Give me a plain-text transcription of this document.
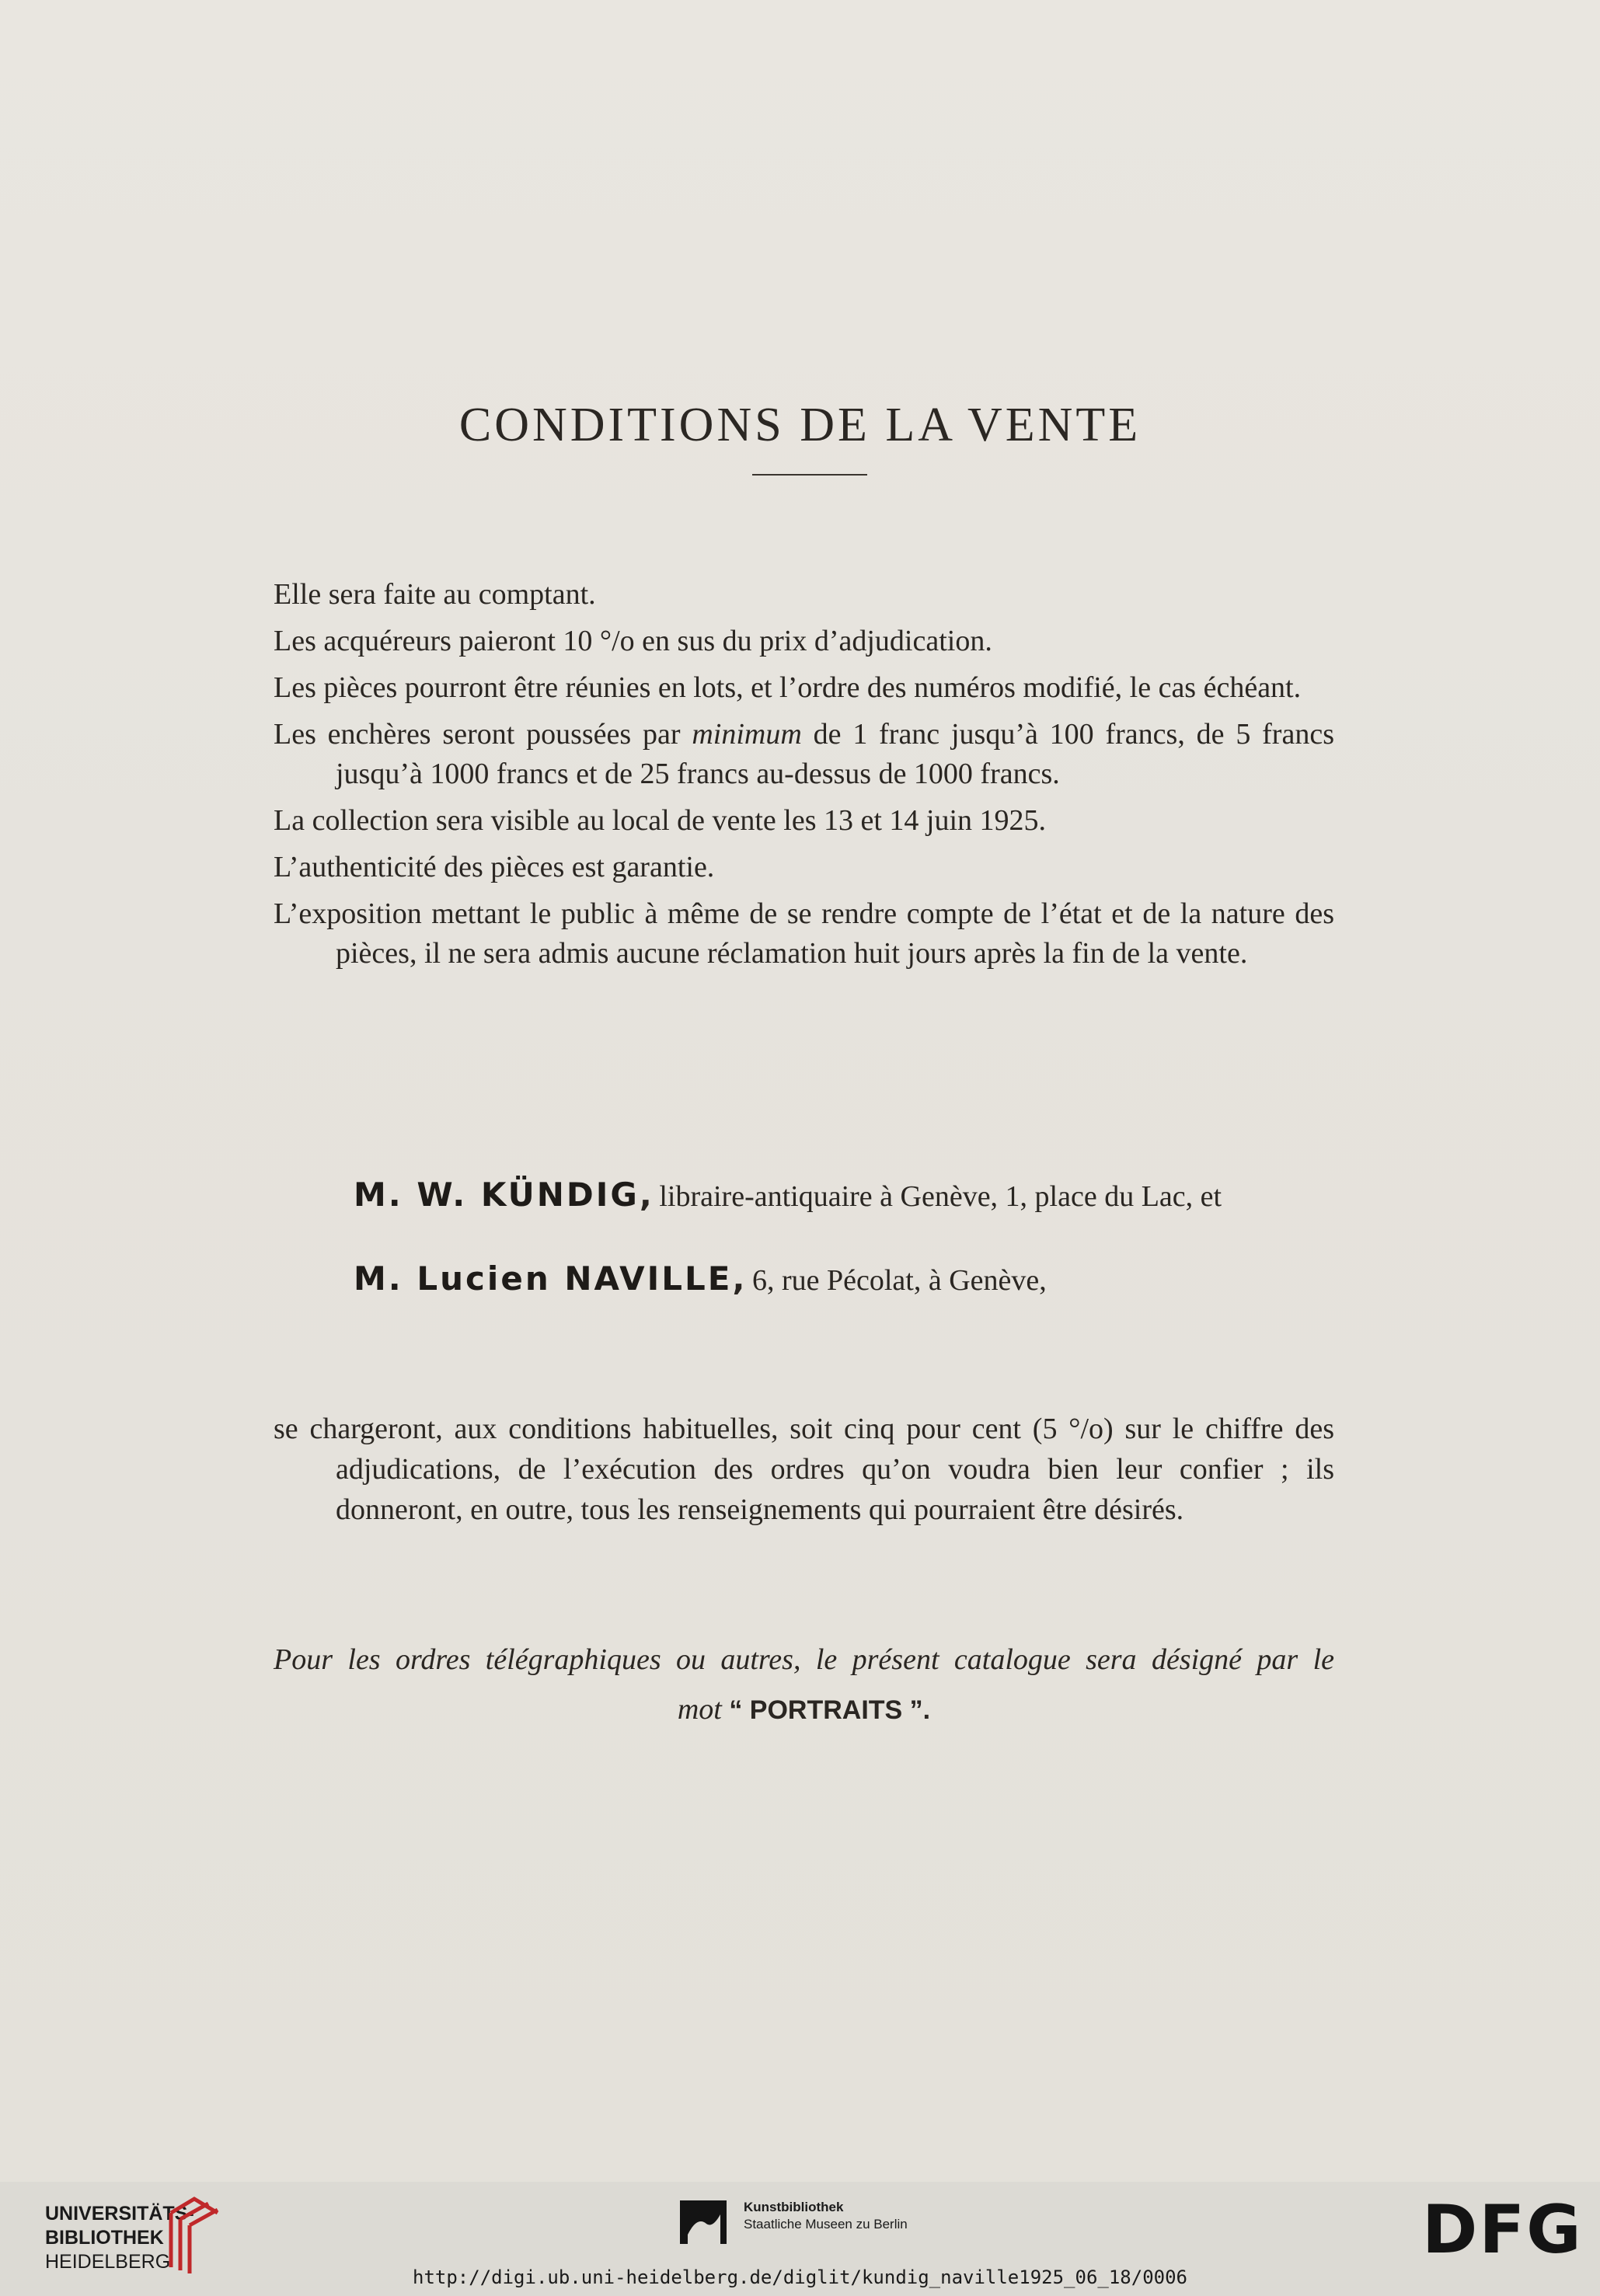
CONDITIONS DE LA VENTE

Elle sera faite au comptant.

Les acquéreurs paieront 10 °/o en sus du prix d’adjudication.

Les pièces pourront être réunies en lots, et l’ordre des numéros modifié, le cas échéant.

Les enchères seront poussées par minimum de 1 franc jusqu’à 100 francs, de 5 francs jusqu’à 1000 francs et de 25 francs au-dessus de 1000 francs.

La collection sera visible au local de vente les 13 et 14 juin 1925.

L’authenticité des pièces est garantie.

L’exposition mettant le public à même de se rendre compte de l’état et de la nature des pièces, il ne sera admis aucune réclamation huit jours après la fin de la vente.

M. W. KÜNDIG, libraire-antiquaire à Genève, 1, place du Lac, et
M. Lucien NAVILLE, 6, rue Pécolat, à Genève,

se chargeront, aux conditions habituelles, soit cinq pour cent (5 °/o) sur le chiffre des adjudications, de l’exécution des ordres qu’on voudra bien leur confier ; ils donneront, en outre, tous les renseignements qui pourraient être désirés.

Pour les ordres télégraphiques ou autres, le présent catalogue sera désigné par le
mot “ PORTRAITS ”.
UNIVERSITÄTS-
BIBLIOTHEK
HEIDELBERG
Kunstbibliothek
Staatliche Museen zu Berlin	DFG
http://digi.ub.uni-heidelberg.de/diglit/kundig_naville1925_06_18/0006
